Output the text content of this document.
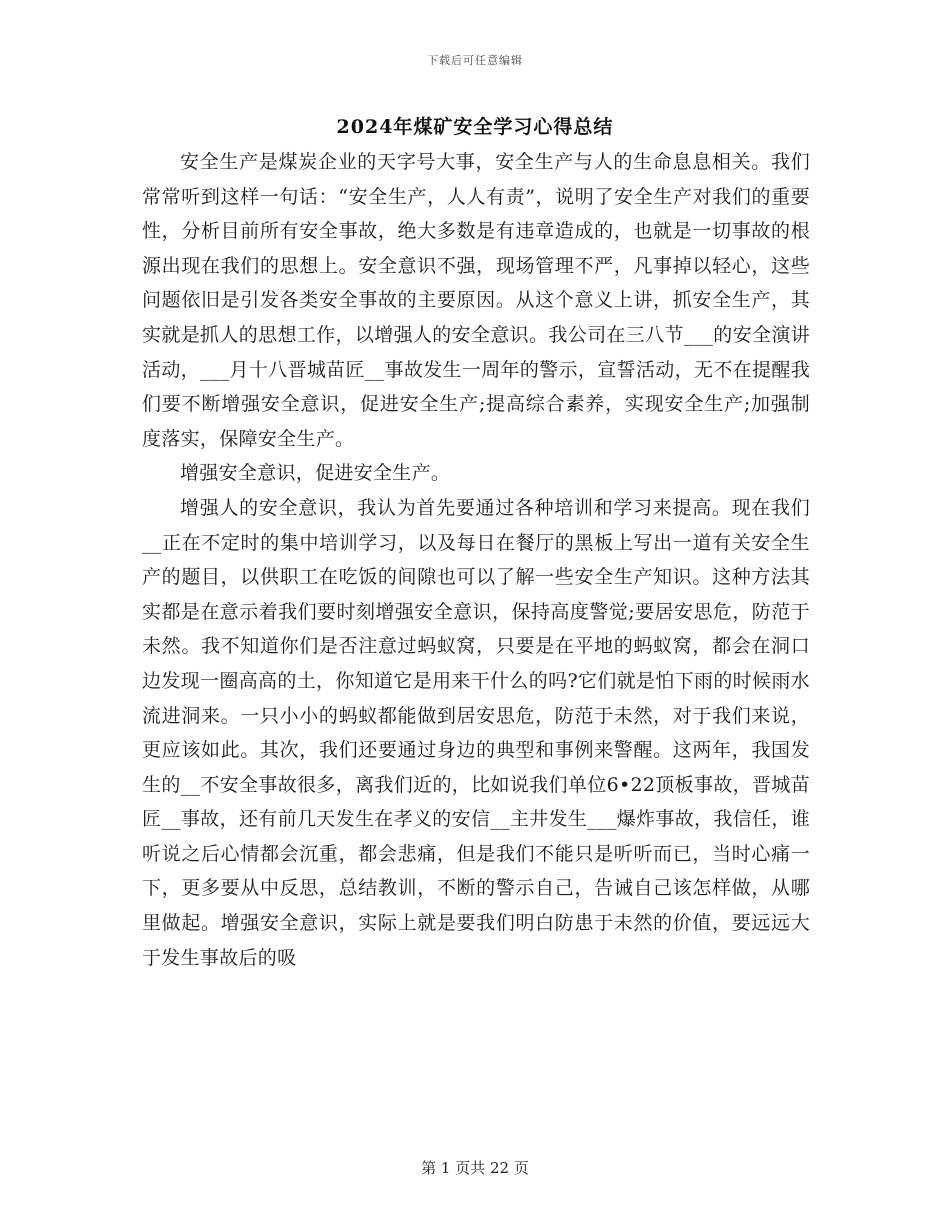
下载后可任意编辑
2024年煤矿安全学习心得总结

安全生产是煤炭企业的天字号大事，安全生产与人的生命息息相关。我们常常听到这样一句话：“安全生产，人人有责”，说明了安全生产对我们的重要性，分析目前所有安全事故，绝大多数是有违章造成的，也就是一切事故的根源出现在我们的思想上。安全意识不强，现场管理不严，凡事掉以轻心，这些问题依旧是引发各类安全事故的主要原因。从这个意义上讲，抓安全生产，其实就是抓人的思想工作，以增强人的安全意识。我公司在三八节___的安全演讲活动，___月十八晋城苗匠__事故发生一周年的警示，宣誓活动，无不在提醒我们要不断增强安全意识，促进安全生产;提高综合素养，实现安全生产;加强制度落实，保障安全生产。

增强安全意识，促进安全生产。

增强人的安全意识，我认为首先要通过各种培训和学习来提高。现在我们__正在不定时的集中培训学习，以及每日在餐厅的黑板上写出一道有关安全生产的题目，以供职工在吃饭的间隙也可以了解一些安全生产知识。这种方法其实都是在意示着我们要时刻增强安全意识，保持高度警觉;要居安思危，防范于未然。我不知道你们是否注意过蚂蚁窝，只要是在平地的蚂蚁窝，都会在洞口边发现一圈高高的土，你知道它是用来干什么的吗?它们就是怕下雨的时候雨水流进洞来。一只小小的蚂蚁都能做到居安思危，防范于未然，对于我们来说，更应该如此。其次，我们还要通过身边的典型和事例来警醒。这两年，我国发生的__不安全事故很多，离我们近的，比如说我们单位6•22顶板事故，晋城苗匠__事故，还有前几天发生在孝义的安信__主井发生___爆炸事故，我信任，谁听说之后心情都会沉重，都会悲痛，但是我们不能只是听听而已，当时心痛一下，更多要从中反思，总结教训，不断的警示自己，告诫自己该怎样做，从哪里做起。增强安全意识，实际上就是要我们明白防患于未然的价值，要远远大于发生事故后的吸

第 1 页共 22 页
